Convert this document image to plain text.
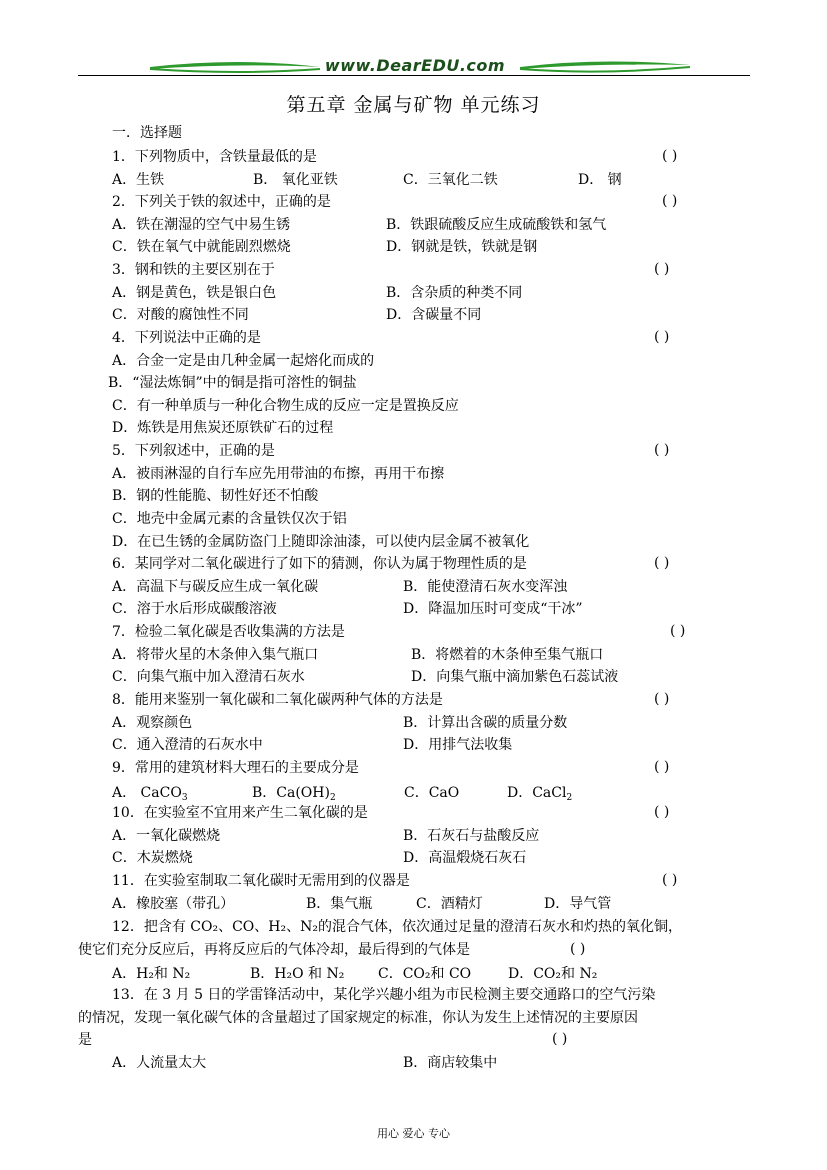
www.DearEDU.com
第五章 金属与矿物 单元练习
一．选择题
1．下列物质中，含铁量最低的是	( )
A．生铁	B． 氧化亚铁	C．三氧化二铁	D． 钢
2．下列关于铁的叙述中，正确的是	( )
A．铁在潮湿的空气中易生锈	B．铁跟硫酸反应生成硫酸铁和氢气
C．铁在氧气中就能剧烈燃烧	D．钢就是铁，铁就是钢
3．钢和铁的主要区别在于	( )
A．钢是黄色，铁是银白色	B．含杂质的种类不同
C．对酸的腐蚀性不同	D．含碳量不同
4．下列说法中正确的是	( )
A．合金一定是由几种金属一起熔化而成的
B．“湿法炼铜”中的铜是指可溶性的铜盐
C．有一种单质与一种化合物生成的反应一定是置换反应
D．炼铁是用焦炭还原铁矿石的过程
5．下列叙述中，正确的是	( )
A．被雨淋湿的自行车应先用带油的布擦，再用干布擦
B．钢的性能脆、韧性好还不怕酸
C．地壳中金属元素的含量铁仅次于铝
D．在已生锈的金属防盗门上随即涂油漆，可以使内层金属不被氧化
6．某同学对二氧化碳进行了如下的猜测，你认为属于物理性质的是	( )
A．高温下与碳反应生成一氧化碳	B．能使澄清石灰水变浑浊
C．溶于水后形成碳酸溶液	D．降温加压时可变成“干冰”
7．检验二氧化碳是否收集满的方法是	( )
A．将带火星的木条伸入集气瓶口	B．将燃着的木条伸至集气瓶口
C．向集气瓶中加入澄清石灰水	D．向集气瓶中滴加紫色石蕊试液
8．能用来鉴别一氧化碳和二氧化碳两种气体的方法是	( )
A．观察颜色	B．计算出含碳的质量分数
C．通入澄清的石灰水中	D．用排气法收集
9．常用的建筑材料大理石的主要成分是	( )
A． CaCO$_3$	B．$Ca(OH)_2$	C．CaO	D．CaCl$_2$
10．在实验室不宜用来产生二氧化碳的是	( )
A．一氧化碳燃烧	B．石灰石与盐酸反应
C．木炭燃烧	D．高温煅烧石灰石
11．在实验室制取二氧化碳时无需用到的仪器是	( )
A．橡胶塞（带孔）	B．集气瓶	C．酒精灯	D．导气管
12．把含有 CO₂、CO、H₂、N₂的混合气体，依次通过足量的澄清石灰水和灼热的氧化铜，
使它们充分反应后，再将反应后的气体冷却，最后得到的气体是	( )
A．H₂和 N₂	B．H₂O 和 N₂ C．CO₂和 CO	D．CO₂和 N₂
13．在 3 月 5 日的学雷锋活动中，某化学兴趣小组为市民检测主要交通路口的空气污染
的情况，发现一氧化碳气体的含量超过了国家规定的标准，你认为发生上述情况的主要原因
是	( )
A．人流量太大	B．商店较集中
用心 爱心 专心
